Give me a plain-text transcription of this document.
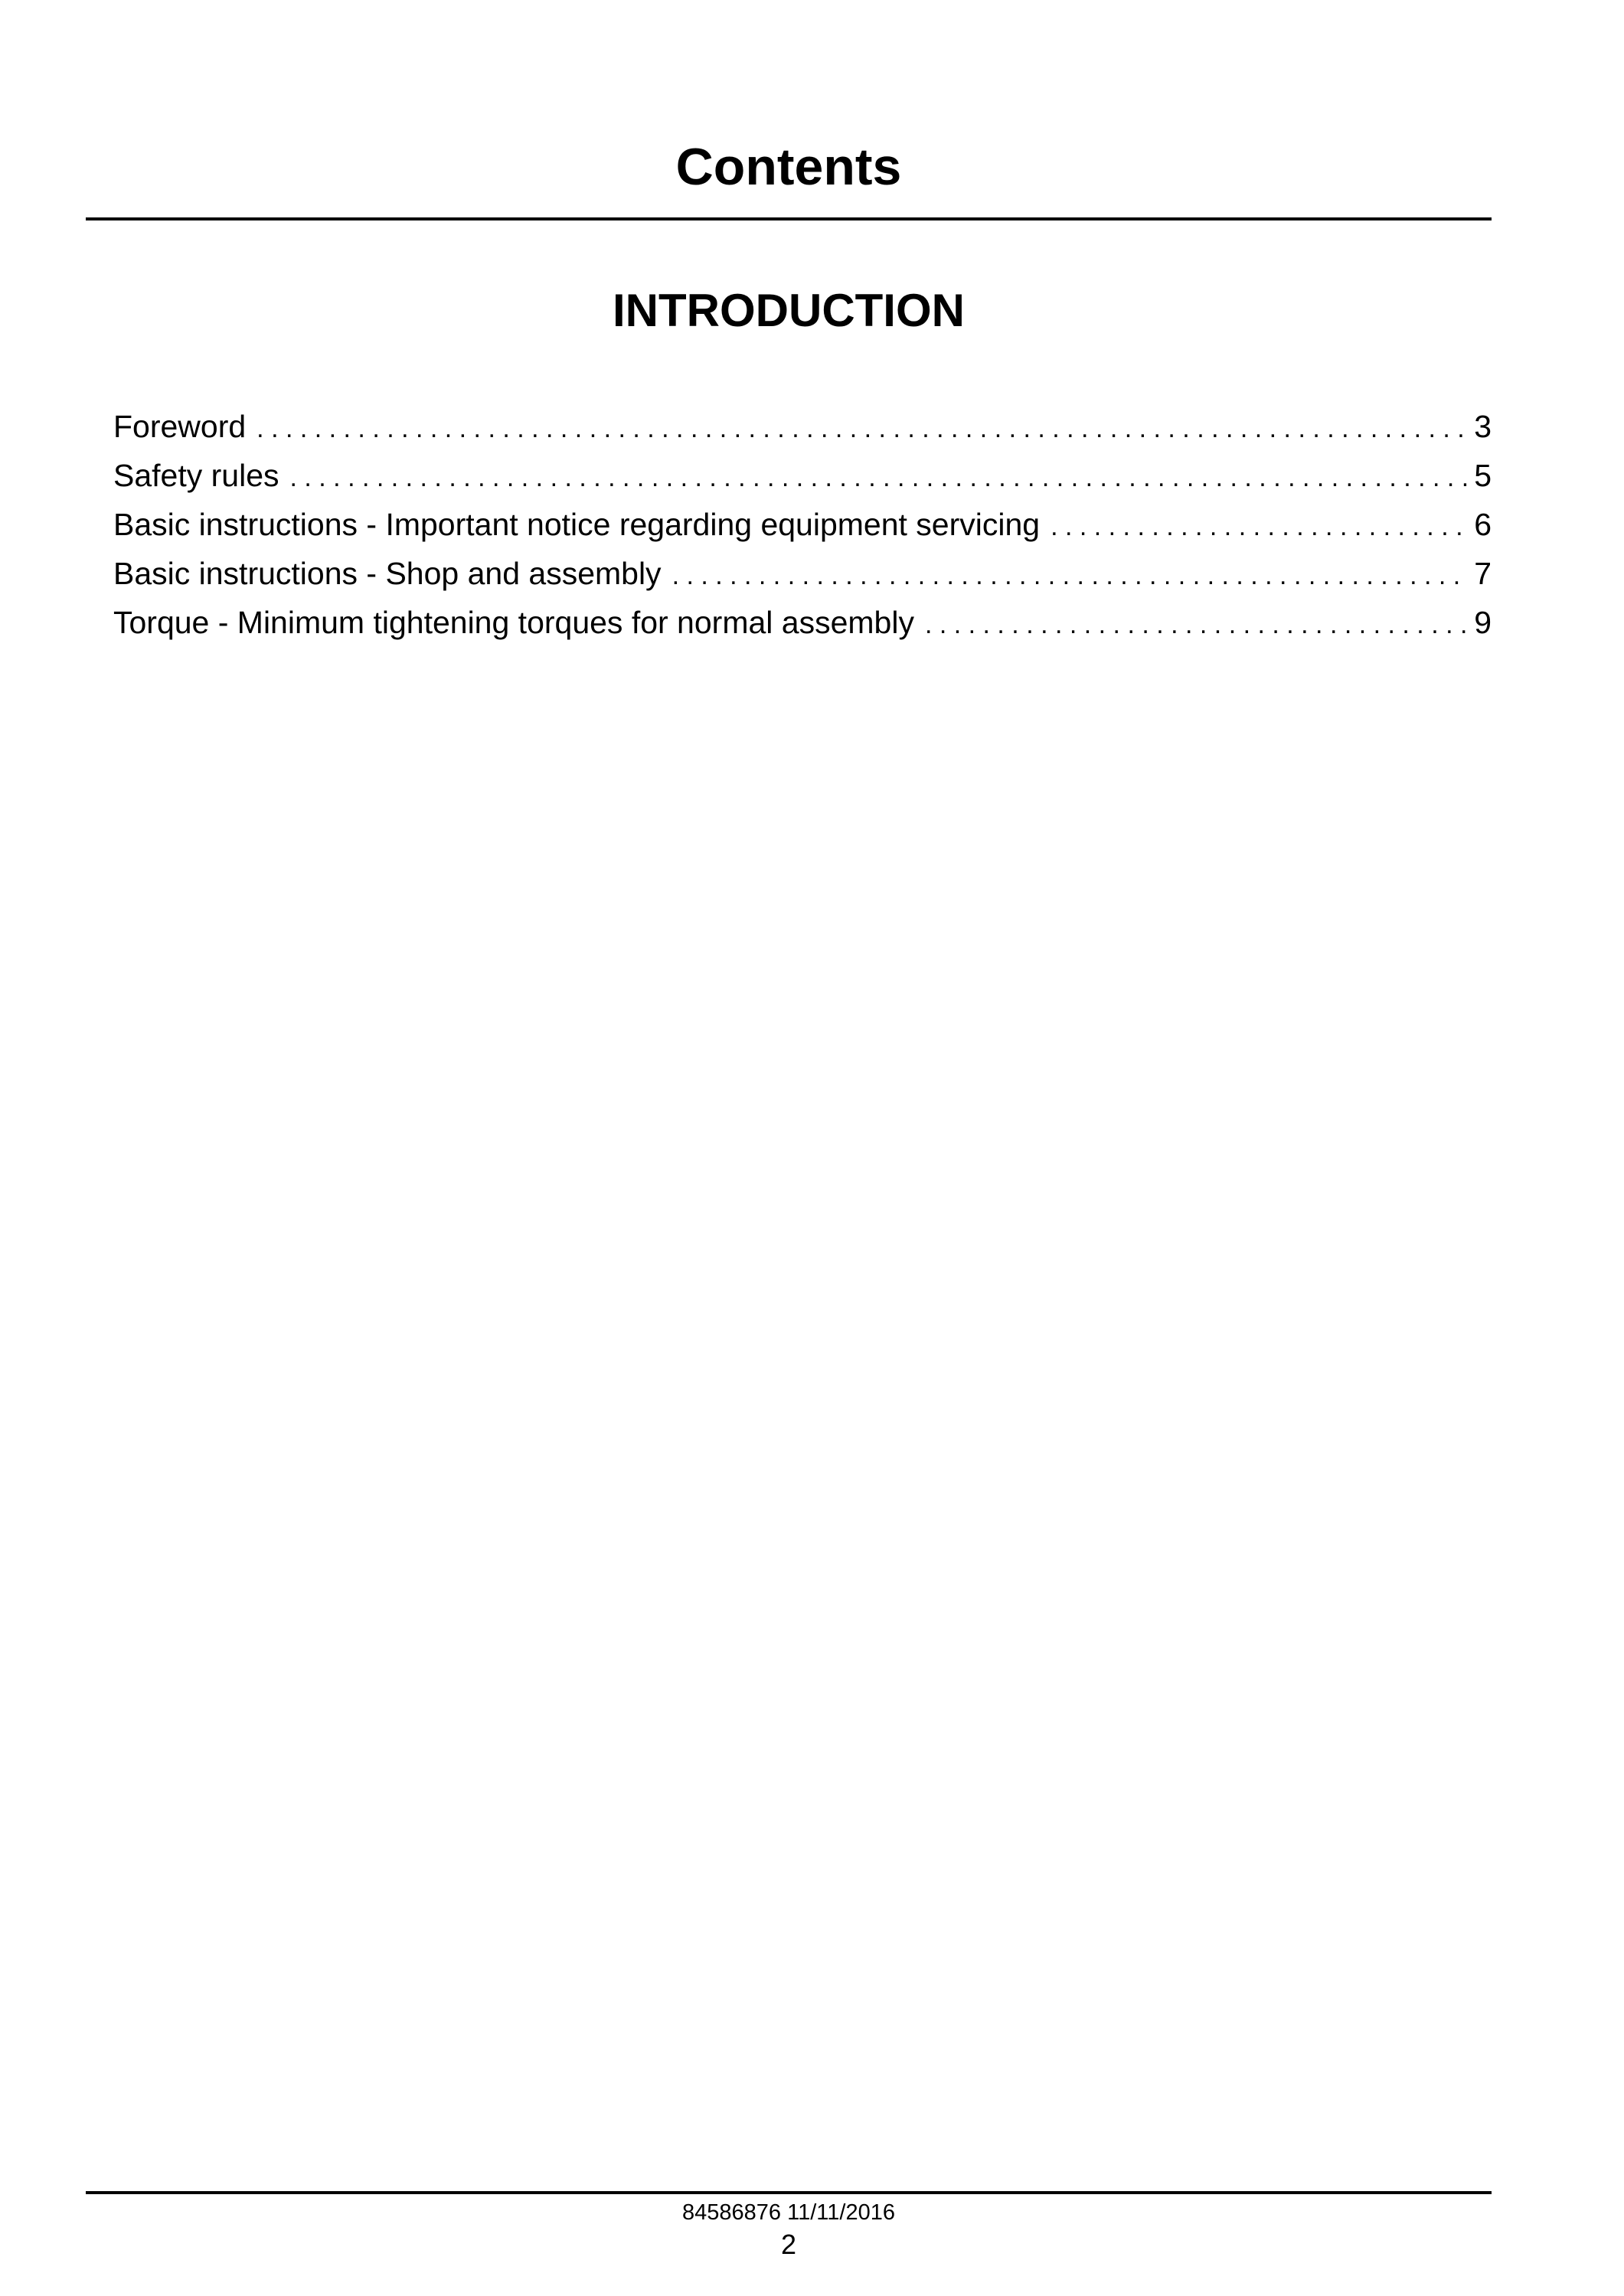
Contents
INTRODUCTION
Foreword . . .	3
Safety rules . . .	5
Basic instructions - Important notice regarding equipment servicing . . .	6
Basic instructions - Shop and assembly . . .	7
Torque - Minimum tightening torques for normal assembly . . .	9
84586876 11/11/2016
2
